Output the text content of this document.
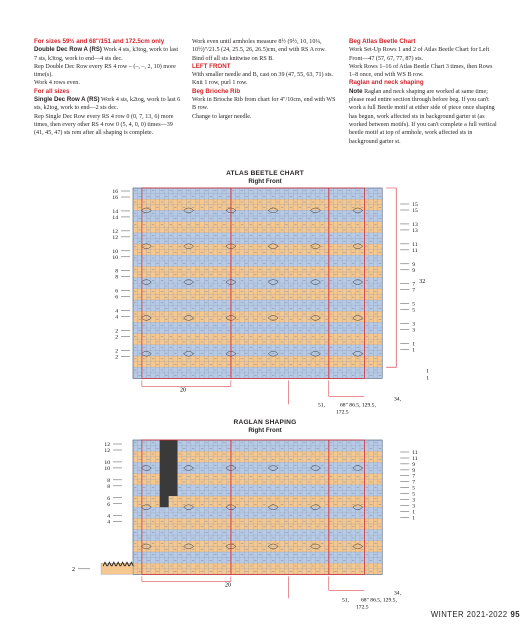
For sizes 59½ and 68"/151 and 172.5cm only

Double Dec Row A (RS) Work 4 sts, k3tog, work to last 7 sts, k3tog, work to end—4 sts dec.

Rep Double Dec Row every RS 4 row – (–, –, 2, 10) more time(s).

Work 4 rows even.

For all sizes

Single Dec Row A (RS) Work 4 sts, k2tog, work to last 6 sts, k2tog, work to end—2 sts dec.

Rep Single Dec Row every RS 4 row 0 (0, 7, 13, 6) more times, then every other RS 4 row 0 (5, 4, 0, 0) times—39 (41, 45, 47) sts rem after all shaping is complete.

Work even until armholes measure 8½ (9½, 10, 10¼, 10½)"/21.5 (24, 25.5, 26, 26.5)cm, end with RS A row.

Bind off all sts knitwise on RS B.

LEFT FRONT

With smaller needle and B, cast on 39 (47, 55, 63, 71) sts.

Knit 1 row, purl 1 row.

Beg Brioche Rib

Work in Brioche Rib from chart for 4"/10cm, end with WS B row.

Change to larger needle.

Beg Atlas Beetle Chart

Work Set-Up Rows 1 and 2 of Atlas Beetle Chart for Left Front—47 (57, 67, 77, 87) sts.

Work Rows 1–16 of Atlas Beetle Chart 3 times, then Rows 1–8 once, end with WS B row.

Raglan and neck shaping

Note Raglan and neck shaping are worked at same time; please read entire section through before beg. If you can't work a full Beetle motif at either side of piece once shaping has begun, work affected sts in background garter st (as worked between motifs). If you can't complete a full vertical beetle motif at top of armhole, work affected sts in background garter st.

ATLAS BEETLE CHART
Right Front
16
16
14
14
12
12
10
10
8
8
6
6
4
4
2
2
2
2
15
15
13
13
11
11
9
9
7
7
5
5
3
3
1
1
32
1
1
20
34,
51,	68" 86.5, 129.5,
172.5
RAGLAN SHAPING
Right Front
12
12
10
10
8
8
6
6
4
4
11
11
9
9
7
7
5
5
3
3
1
1
2
20
34,
51, 68" 86.5, 129.5,
172.5
WINTER 2021-2022 95
